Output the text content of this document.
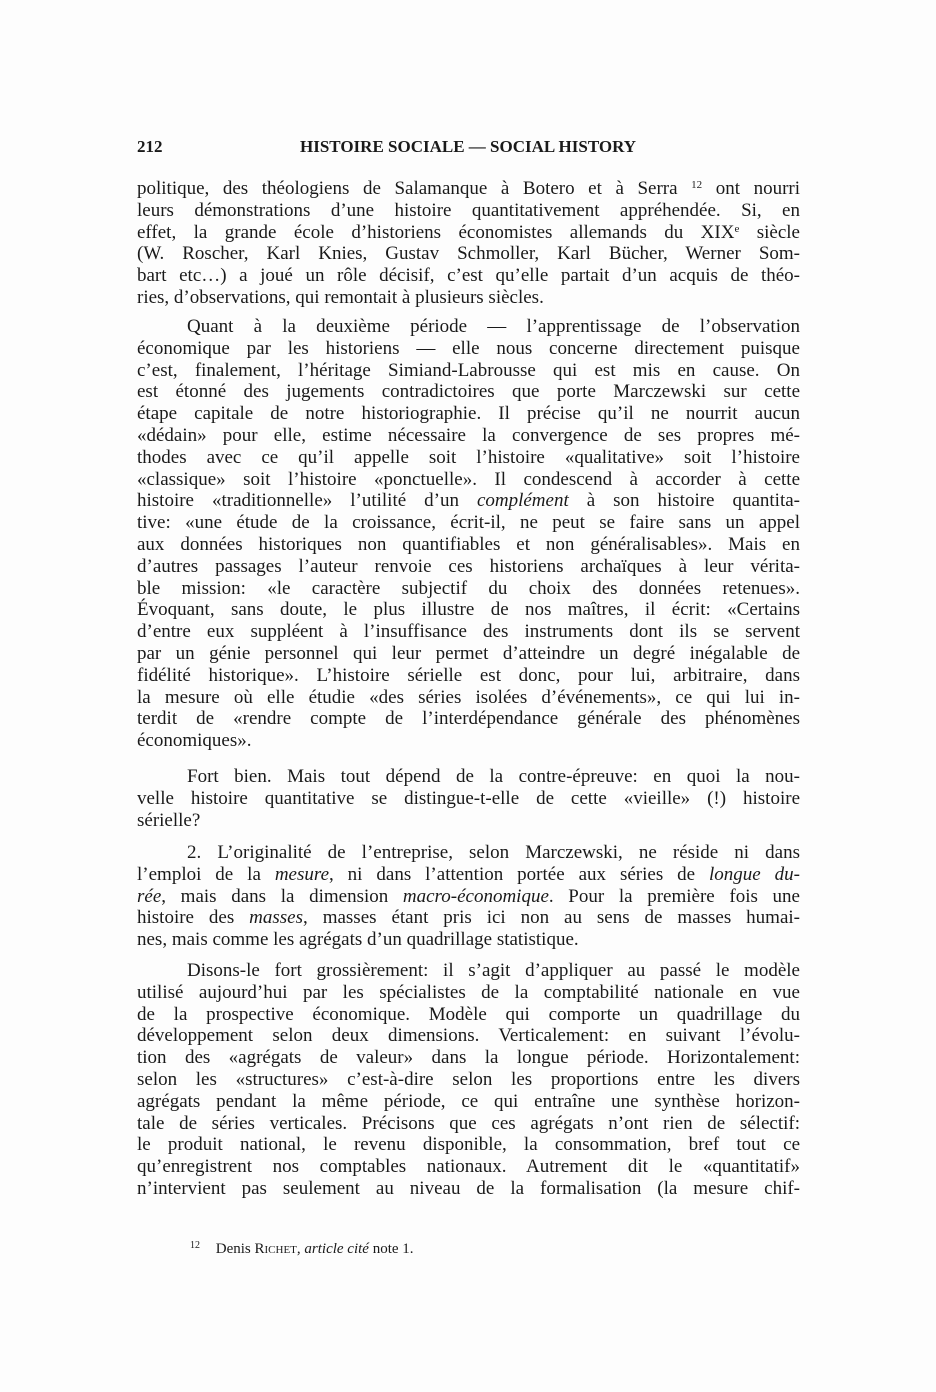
212	HISTOIRE SOCIALE — SOCIAL HISTORY
politique, des théologiens de Salamanque à Botero et à Serra $^{12}$ ont nourri
leurs démonstrations d’une histoire quantitativement appréhendée. Si, en
effet, la grande école d’historiens économistes allemands du XIXe siècle
(W. Roscher, Karl Knies, Gustav Schmoller, Karl Bücher, Werner Som-
bart etc…) a joué un rôle décisif, c’est qu’elle partait d’un acquis de théo-
ries, d’observations, qui remontait à plusieurs siècles.
Quant à la deuxième période — l’apprentissage de l’observation
économique par les historiens — elle nous concerne directement puisque
c’est, finalement, l’héritage Simiand-Labrousse qui est mis en cause. On
est étonné des jugements contradictoires que porte Marczewski sur cette
étape capitale de notre historiographie. Il précise qu’il ne nourrit aucun
«dédain» pour elle, estime nécessaire la convergence de ses propres mé-
thodes avec ce qu’il appelle soit l’histoire «qualitative» soit l’histoire
«classique» soit l’histoire «ponctuelle». Il condescend à accorder à cette
histoire «traditionnelle» l’utilité d’un complément à son histoire quantita-
tive: «une étude de la croissance, écrit-il, ne peut se faire sans un appel
aux données historiques non quantifiables et non généralisables». Mais en
d’autres passages l’auteur renvoie ces historiens archaïques à leur vérita-
ble mission: «le caractère subjectif du choix des données retenues».
Évoquant, sans doute, le plus illustre de nos maîtres, il écrit: «Certains
d’entre eux suppléent à l’insuffisance des instruments dont ils se servent
par un génie personnel qui leur permet d’atteindre un degré inégalable de
fidélité historique». L’histoire sérielle est donc, pour lui, arbitraire, dans
la mesure où elle étudie «des séries isolées d’événements», ce qui lui in-
terdit de «rendre compte de l’interdépendance générale des phénomènes
économiques».
Fort bien. Mais tout dépend de la contre-épreuve: en quoi la nou-
velle histoire quantitative se distingue-t-elle de cette «vieille» (!) histoire
sérielle?
2. L’originalité de l’entreprise, selon Marczewski, ne réside ni dans
l’emploi de la mesure, ni dans l’attention portée aux séries de longue du-
rée, mais dans la dimension macro-économique. Pour la première fois une
histoire des masses, masses étant pris ici non au sens de masses humai-
nes, mais comme les agrégats d’un quadrillage statistique.
Disons-le fort grossièrement: il s’agit d’appliquer au passé le modèle
utilisé aujourd’hui par les spécialistes de la comptabilité nationale en vue
de la prospective économique. Modèle qui comporte un quadrillage du
développement selon deux dimensions. Verticalement: en suivant l’évolu-
tion des «agrégats de valeur» dans la longue période. Horizontalement:
selon les «structures» c’est-à-dire selon les proportions entre les divers
agrégats pendant la même période, ce qui entraîne une synthèse horizon-
tale de séries verticales. Précisons que ces agrégats n’ont rien de sélectif:
le produit national, le revenu disponible, la consommation, bref tout ce
qu’enregistrent nos comptables nationaux. Autrement dit le «quantitatif»
n’intervient pas seulement au niveau de la formalisation (la mesure chif-
$^{12}$ Denis Richet, article cité note 1.
